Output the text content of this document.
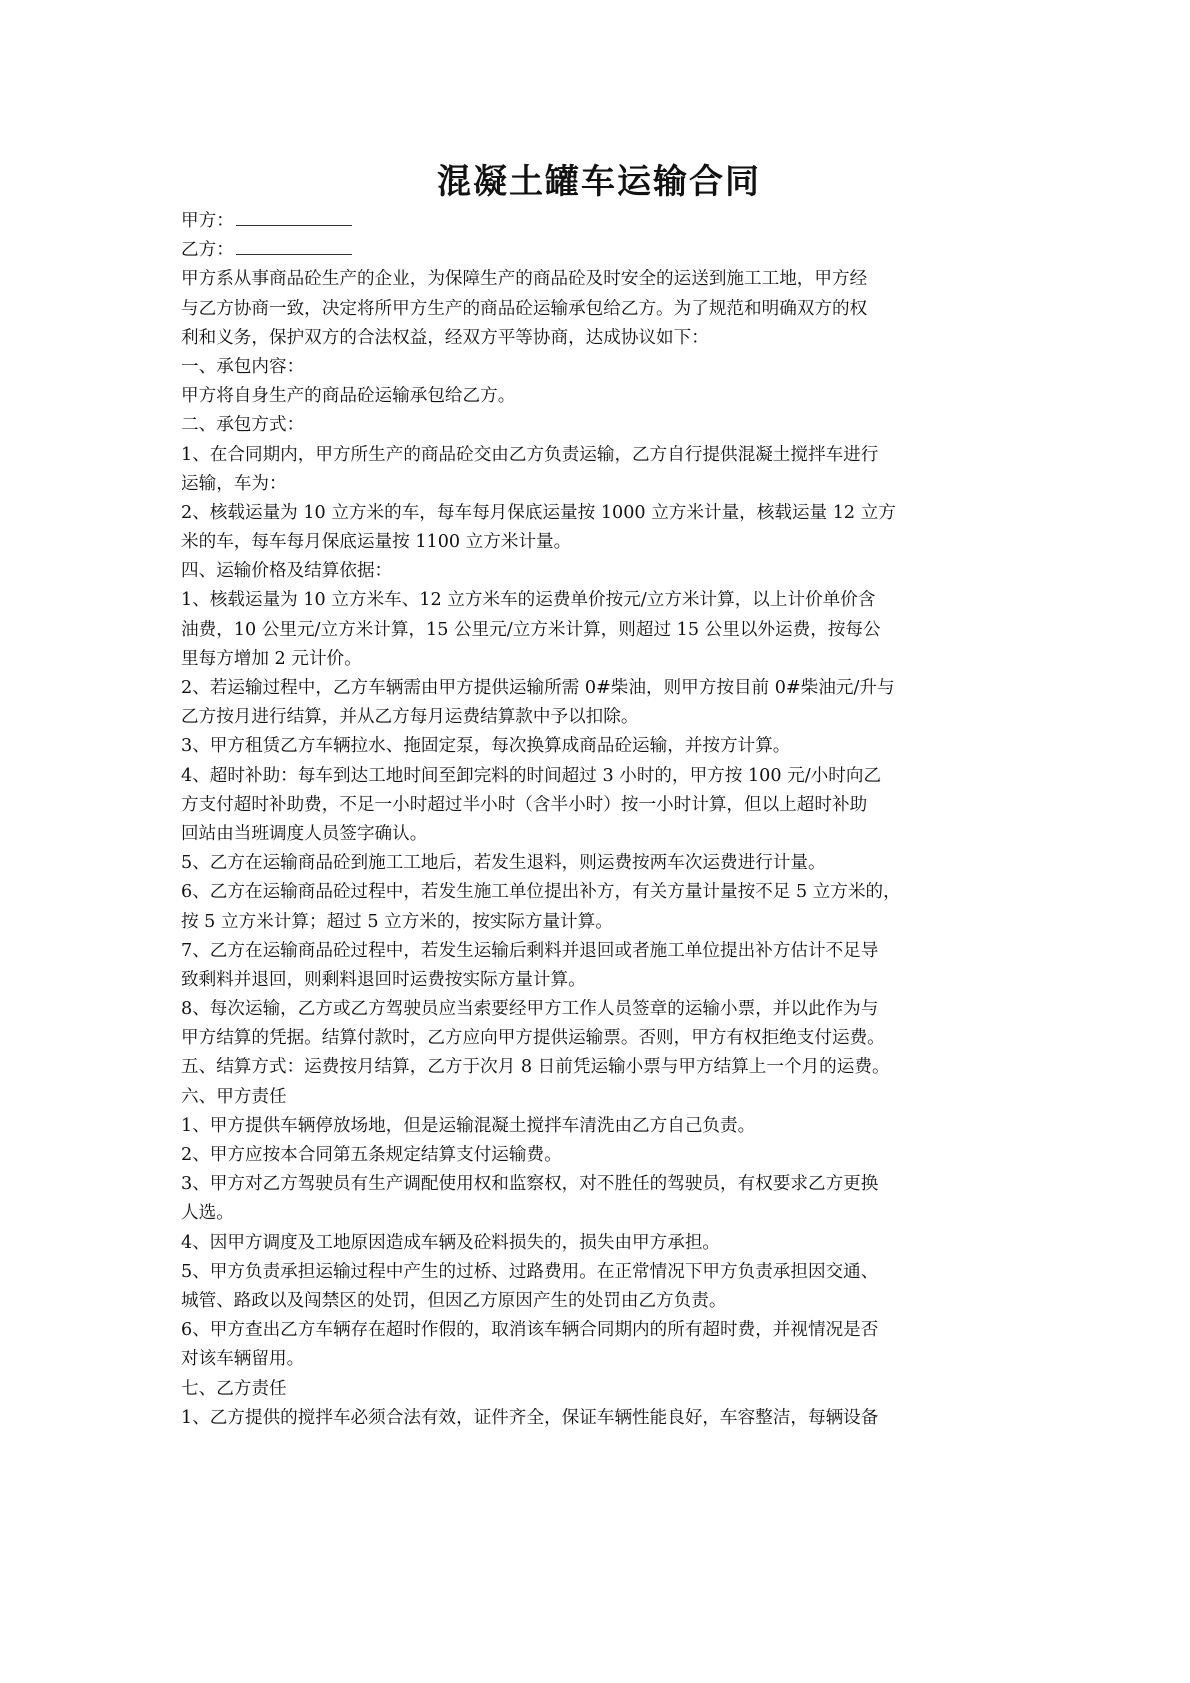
混凝土罐车运输合同
甲方：
乙方：
甲方系从事商品砼生产的企业，为保障生产的商品砼及时安全的运送到施工工地，甲方经
与乙方协商一致，决定将所甲方生产的商品砼运输承包给乙方。为了规范和明确双方的权
利和义务，保护双方的合法权益，经双方平等协商，达成协议如下：
一、承包内容：
甲方将自身生产的商品砼运输承包给乙方。
二、承包方式：
1、在合同期内，甲方所生产的商品砼交由乙方负责运输，乙方自行提供混凝土搅拌车进行
运输，车为：
2、核载运量为 10 立方米的车，每车每月保底运量按 1000 立方米计量，核载运量 12 立方
米的车，每车每月保底运量按 1100 立方米计量。
四、运输价格及结算依据：
1、核载运量为 10 立方米车、12 立方米车的运费单价按元/立方米计算，以上计价单价含
油费，10 公里元/立方米计算，15 公里元/立方米计算，则超过 15 公里以外运费，按每公
里每方增加 2 元计价。
2、若运输过程中，乙方车辆需由甲方提供运输所需 0#柴油，则甲方按目前 0#柴油元/升与
乙方按月进行结算，并从乙方每月运费结算款中予以扣除。
3、甲方租赁乙方车辆拉水、拖固定泵，每次换算成商品砼运输，并按方计算。
4、超时补助：每车到达工地时间至卸完料的时间超过 3 小时的，甲方按 100 元/小时向乙
方支付超时补助费，不足一小时超过半小时（含半小时）按一小时计算，但以上超时补助
回站由当班调度人员签字确认。
5、乙方在运输商品砼到施工工地后，若发生退料，则运费按两车次运费进行计量。
6、乙方在运输商品砼过程中，若发生施工单位提出补方，有关方量计量按不足 5 立方米的，
按 5 立方米计算；超过 5 立方米的，按实际方量计算。
7、乙方在运输商品砼过程中，若发生运输后剩料并退回或者施工单位提出补方估计不足导
致剩料并退回，则剩料退回时运费按实际方量计算。
8、每次运输，乙方或乙方驾驶员应当索要经甲方工作人员签章的运输小票，并以此作为与
甲方结算的凭据。结算付款时，乙方应向甲方提供运输票。否则，甲方有权拒绝支付运费。
五、结算方式：运费按月结算，乙方于次月 8 日前凭运输小票与甲方结算上一个月的运费。
六、甲方责任
1、甲方提供车辆停放场地，但是运输混凝土搅拌车清洗由乙方自己负责。
2、甲方应按本合同第五条规定结算支付运输费。
3、甲方对乙方驾驶员有生产调配使用权和监察权，对不胜任的驾驶员，有权要求乙方更换
人选。
4、因甲方调度及工地原因造成车辆及砼料损失的，损失由甲方承担。
5、甲方负责承担运输过程中产生的过桥、过路费用。在正常情况下甲方负责承担因交通、
城管、路政以及闯禁区的处罚，但因乙方原因产生的处罚由乙方负责。
6、甲方查出乙方车辆存在超时作假的，取消该车辆合同期内的所有超时费，并视情况是否
对该车辆留用。
七、乙方责任
1、乙方提供的搅拌车必须合法有效，证件齐全，保证车辆性能良好，车容整洁，每辆设备
